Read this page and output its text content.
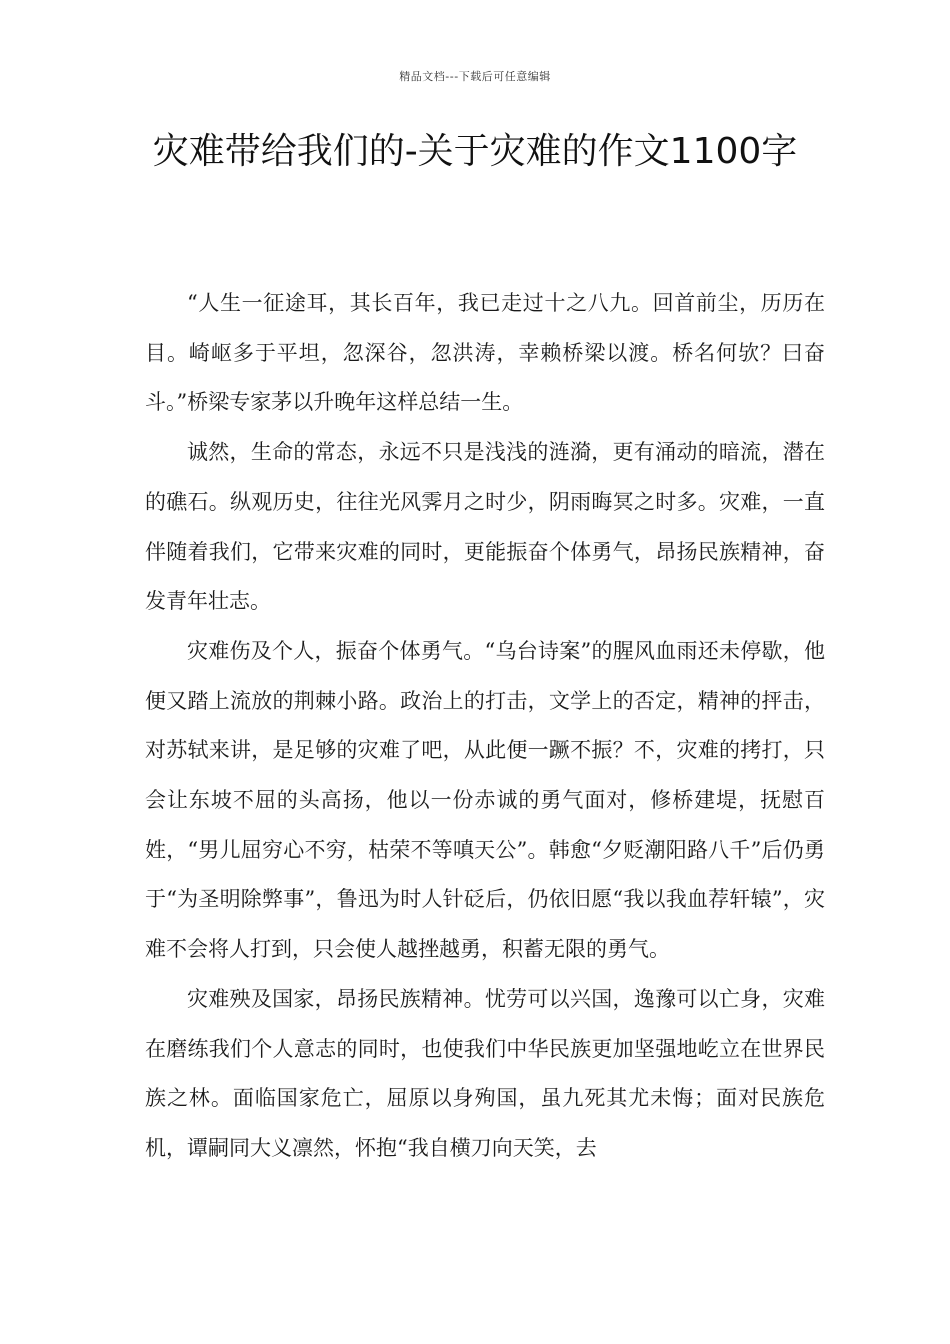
精品文档---下载后可任意编辑
灾难带给我们的-关于灾难的作文1100字

“人生一征途耳，其长百年，我已走过十之八九。回首前尘，历历在目。崎岖多于平坦，忽深谷，忽洪涛，幸赖桥梁以渡。桥名何欤？曰奋斗。”桥梁专家茅以升晚年这样总结一生。

诚然，生命的常态，永远不只是浅浅的涟漪，更有涌动的暗流，潜在的礁石。纵观历史，往往光风霁月之时少，阴雨晦冥之时多。灾难，一直伴随着我们，它带来灾难的同时，更能振奋个体勇气，昂扬民族精神，奋发青年壮志。

灾难伤及个人，振奋个体勇气。“乌台诗案”的腥风血雨还未停歇，他便又踏上流放的荆棘小路。政治上的打击，文学上的否定，精神的抨击，对苏轼来讲，是足够的灾难了吧，从此便一蹶不振？不，灾难的拷打，只会让东坡不屈的头高扬，他以一份赤诚的勇气面对，修桥建堤，抚慰百姓，“男儿屈穷心不穷，枯荣不等嗔天公”。韩愈“夕贬潮阳路八千”后仍勇于“为圣明除弊事”，鲁迅为时人针砭后，仍依旧愿“我以我血荐轩辕”，灾难不会将人打到，只会使人越挫越勇，积蓄无限的勇气。

灾难殃及国家，昂扬民族精神。忧劳可以兴国，逸豫可以亡身，灾难在磨练我们个人意志的同时，也使我们中华民族更加坚强地屹立在世界民族之林。面临国家危亡，屈原以身殉国，虽九死其尤未悔；面对民族危机，谭嗣同大义凛然，怀抱“我自横刀向天笑，去
